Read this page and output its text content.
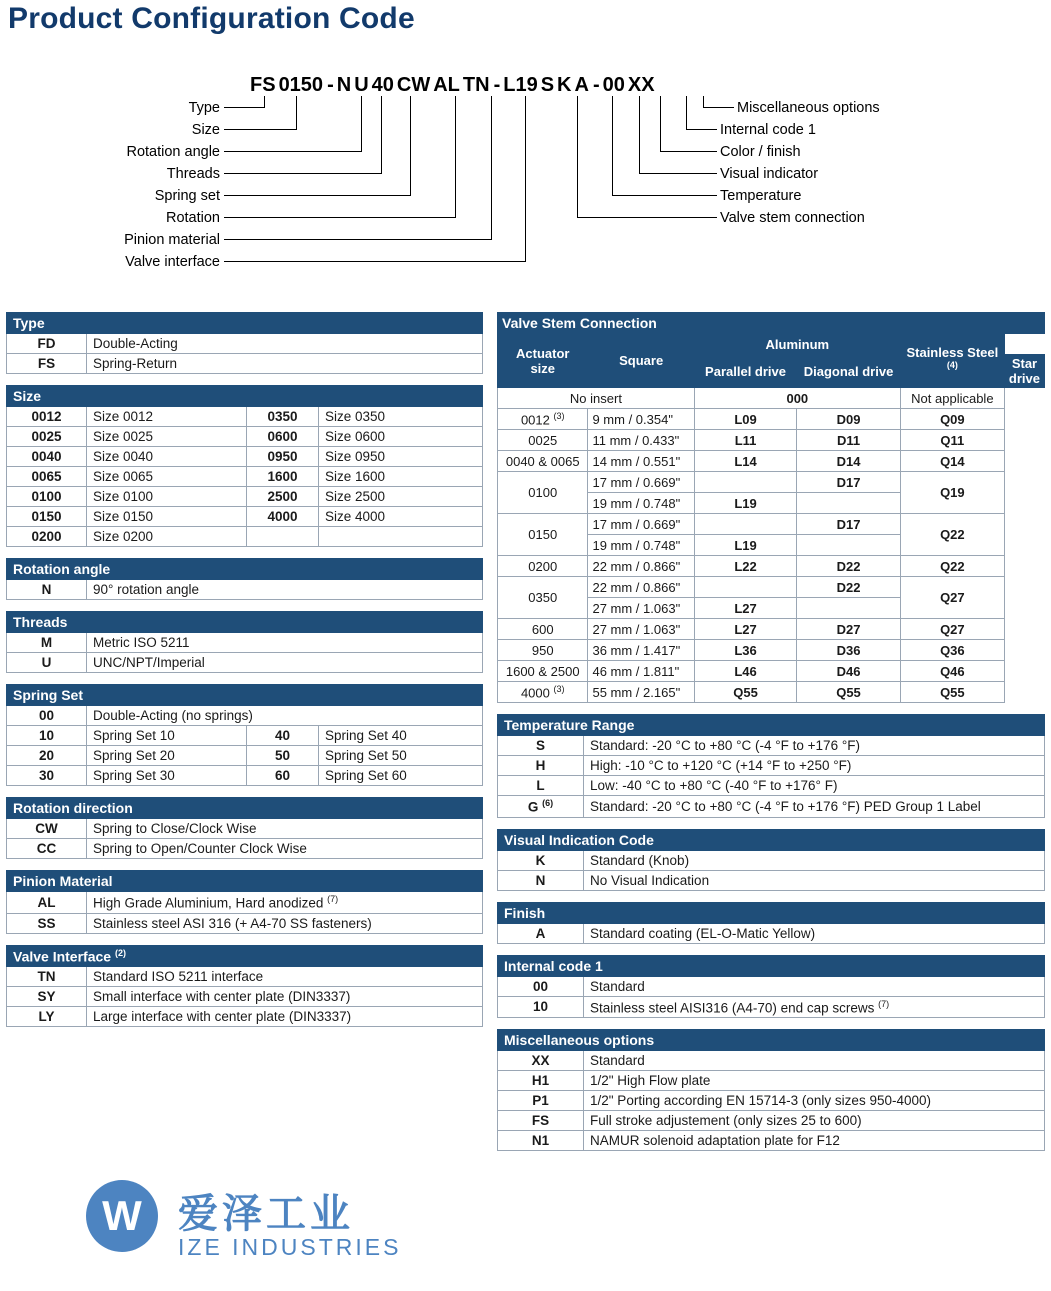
Product Configuration Code
FS 0150 - N U 40 CW AL TN - L19 S K A - 00 XX
Type
Size
Rotation angle
Threads
Spring set
Rotation
Pinion material
Valve interface
Miscellaneous options
Internal code 1
Color / finish
Visual indicator
Temperature
Valve stem connection
Type	
FD	Double-Acting
FS	Spring-Return
Size			
0012	Size 0012	0350	Size 0350
0025	Size 0025	0600	Size 0600
0040	Size 0040	0950	Size 0950
0065	Size 0065	1600	Size 1600
0100	Size 0100	2500	Size 2500
0150	Size 0150	4000	Size 4000
0200	Size 0200		
Rotation angle
N	90° rotation angle
Threads	
M	Metric ISO 5211
U	UNC/NPT/Imperial
Spring Set			
00	Double-Acting (no springs)		
10	Spring Set 10	40	Spring Set 40
20	Spring Set 20	50	Spring Set 50
30	Spring Set 30	60	Spring Set 60
Rotation direction	
CW	Spring to Close/Clock Wise
CC	Spring to Open/Counter Clock Wise
Pinion Material	
AL	High Grade Aluminium, Hard anodized $^{(7)}$
SS	Stainless steel ASI 316 (+ A4-70 SS fasteners)
Valve Interface $^{(2)}$
TN	Standard ISO 5211 interface
SY	Small interface with center plate (DIN3337)
LY	Large interface with center plate (DIN3337)
Valve Stem Connection					
Actuator size	Square	Aluminum		Stainless Steel $^{(4)}$
		Parallel drive	Diagonal drive		Star drive
No insert		000		Not applicable	
0012 $^{(3)}$	9 mm / 0.354"	L09	D09	Q09	
0025	11 mm / 0.433"	L11	D11	Q11	
0040 & 0065	14 mm / 0.551"	L14	D14	Q14	
0100	17 mm / 0.669"		D17	Q19	
	19 mm / 0.748"	L19			
0150	17 mm / 0.669"		D17	Q22	
	19 mm / 0.748"	L19			
0200	22 mm / 0.866"	L22	D22	Q22	
0350	22 mm / 0.866"		D22	Q27	
	27 mm / 1.063"	L27			
600	27 mm / 1.063"	L27	D27	Q27	
950	36 mm / 1.417"	L36	D36	Q36	
1600 & 2500	46 mm / 1.811"	L46	D46	Q46	
4000 $^{(3)}$	55 mm / 2.165"	Q55	Q55	Q55	
Temperature Range	
S	Standard: -20 °C to +80 °C (-4 °F to +176 °F)
H	High: -10 °C to +120 °C (+14 °F to +250 °F)
L	Low: -40 °C to +80 °C (-40 °F to +176° F)
G $^{(6)}$	Standard: -20 °C to +80 °C (-4 °F to +176 °F) PED Group 1 Label
Visual Indication Code	
K	Standard (Knob)
N	No Visual Indication
Finish
A	Standard coating (EL-O-Matic Yellow)
Internal code 1	
00	Standard
10	Stainless steel AISI316 (A4-70) end cap screws $^{(7)}$
Miscellaneous options	
XX	Standard
H1	1/2" High Flow plate
P1	1/2" Porting according EN 15714-3 (only sizes 950-4000)
FS	Full stroke adjustement (only sizes 25 to 600)
N1	NAMUR solenoid adaptation plate for F12
W
爱泽工业
IZE INDUSTRIES
